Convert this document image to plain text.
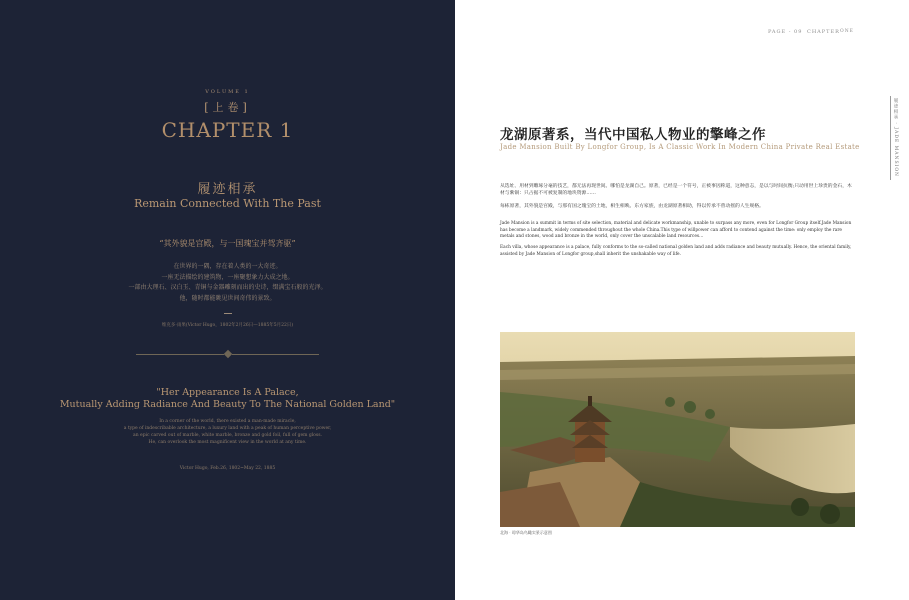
VOLUME 1
[上卷]
CHAPTER 1
履迹相承
Remain Connected With The Past
“其外貌是宫殿，与一国瑰宝并驾齐驱”
在世界的一隅，存在着人类的一大奇迹。
一座无法描绘的建筑物，一座聚想象力大成之地。
一部由大理石、汉白玉、青铜与金器雕刻而出的史诗，缀满宝石般的光泽。
他，随时都能眺见世间奇伟的景致。
维克多·雨果(Victor Hugo，1802年2月26日—1885年5月22日)
"Her Appearance Is A Palace,
Mutually Adding Radiance And Beauty To The National Golden Land"
In a corner of the world, there existed a man-made miracle,
a type of indescribable architecture, a luxury land with a peak of human perceptive power,
an epic carved out of marble, white marble, bronze and gold foil, full of gem gloss.
He, can overlook the most magnificent view in the world at any time.
Victor Hugo, Feb.26, 1802~May 22, 1885
PAGE - 09 CHAPTER ONE
履迹相承 · JADE MANSION
龙湖原著系，当代中国私人物业的擎峰之作
Jade Mansion Built By Longfor Group, Is A Classic Work In Modern China Private Real Estate

从选址、用材到雕琢分毫的技艺，都无法再现世间。哪怕是龙湖自己。原著，已经是一个符号，正被事因称道，这种意志，是以与时间抗衡;只动用世上珍贵的金石，木材与紫铜：只占据不可被复制的地块资源……

每栋原著，其外貌是宫殿，与那有国之瑰宝的土地，相生相映。东方家族，由龙湖原著相助，得以传承不曾动摇的人生规格。

Jade Mansion is a summit in terms of site selection, material and delicate workmanship, unable to surpass any more, even for Longfor Group itself.Jade Mansion has become a landmark, widely commended throughout the whole China.This type of willpower can afford to contend against the time: only employ the rare metals and stones, wood and bronze in the world, only cover the unscalable land resources…

Each villa, whose appearance is a palace, fully conforms to the so-called national golden land and adds radiance and beauty mutually. Hence, the oriental family, assisted by Jade Mansion of Longfor group,shall inherit the unshakable way of life.

北海 · 琼华岛鸟瞰实景示意图
